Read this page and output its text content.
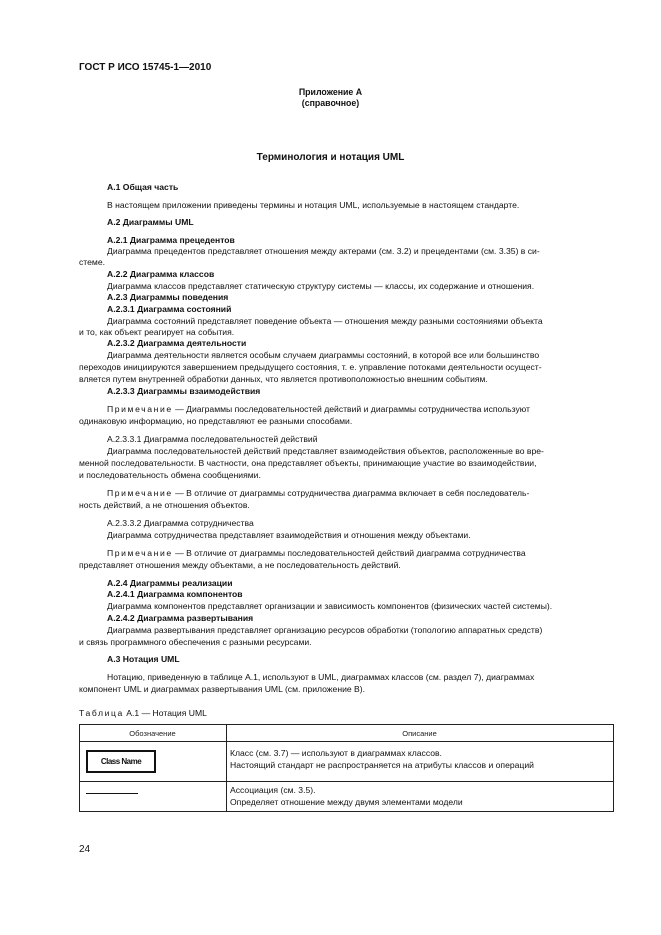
ГОСТ Р ИСО 15745-1—2010
Приложение А
(справочное)
Терминология и нотация UML
А.1 Общая часть
В настоящем приложении приведены термины и нотация UML, используемые в настоящем стандарте.
А.2 Диаграммы UML
А.2.1 Диаграмма прецедентов
Диаграмма прецедентов представляет отношения между актерами (см. 3.2) и прецедентами (см. 3.35) в си-
стеме.
А.2.2 Диаграмма классов
Диаграмма классов представляет статическую структуру системы — классы, их содержание и отношения.
А.2.3 Диаграммы поведения
А.2.3.1 Диаграмма состояний
Диаграмма состояний представляет поведение объекта — отношения между разными состояниями объекта
и то, как объект реагирует на события.
А.2.3.2 Диаграмма деятельности
Диаграмма деятельности является особым случаем диаграммы состояний, в которой все или большинство
переходов инициируются завершением предыдущего состояния, т. е. управление потоками деятельности осущест-
вляется путем внутренней обработки данных, что является противоположностью внешним событиям.
А.2.3.3 Диаграммы взаимодействия
Примечание — Диаграммы последовательностей действий и диаграммы сотрудничества используют
одинаковую информацию, но представляют ее разными способами.
А.2.3.3.1 Диаграмма последовательностей действий
Диаграмма последовательностей действий представляет взаимодействия объектов, расположенные во вре-
менной последовательности. В частности, она представляет объекты, принимающие участие во взаимодействии,
и последовательность обмена сообщениями.
Примечание — В отличие от диаграммы сотрудничества диаграмма включает в себя последователь-
ность действий, а не отношения объектов.
А.2.3.3.2 Диаграмма сотрудничества
Диаграмма сотрудничества представляет взаимодействия и отношения между объектами.
Примечание — В отличие от диаграммы последовательностей действий диаграмма сотрудничества
представляет отношения между объектами, а не последовательность действий.
А.2.4 Диаграммы реализации
А.2.4.1 Диаграмма компонентов
Диаграмма компонентов представляет организации и зависимость компонентов (физических частей системы).
А.2.4.2 Диаграмма развертывания
Диаграмма развертывания представляет организацию ресурсов обработки (топологию аппаратных средств)
и связь программного обеспечения с разными ресурсами.
А.3 Нотация UML
Нотацию, приведенную в таблице А.1, используют в UML, диаграммах классов (см. раздел 7), диаграммах
компонент UML и диаграммах развертывания UML (см. приложение B).
Таблица А.1 — Нотация UML
Обозначение	Описание
Class Name
Класс (см. 3.7) — используют в диаграммах классов.
Настоящий стандарт не распространяется на атрибуты классов и операций
Ассоциация (см. 3.5).
Определяет отношение между двумя элементами модели
24
